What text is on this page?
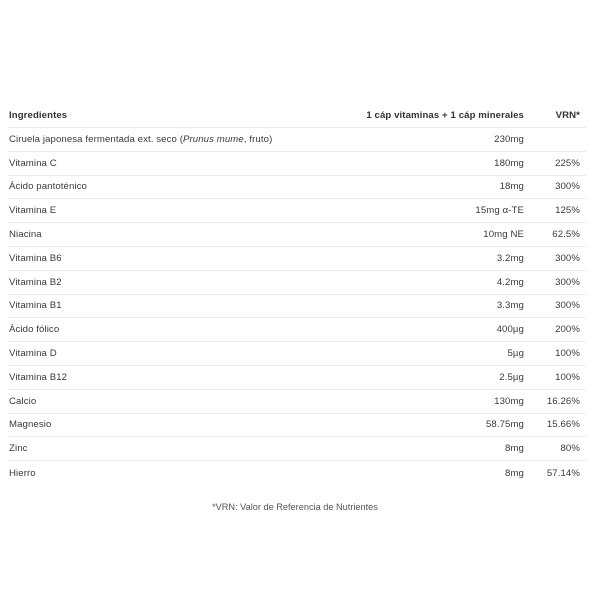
Ingredientes	1 cáp vitaminas + 1 cáp minerales	VRN*
Ciruela japonesa fermentada ext. seco (Prunus mume, fruto)	230mg
Vitamina C	180mg	225%
Ácido pantoténico	18mg	300%
Vitamina E	15mg α-TE	125%
Niacina	10mg NE	62.5%
Vitamina B6	3.2mg	300%
Vitamina B2	4.2mg	300%
Vitamina B1	3.3mg	300%
Ácido fólico	400µg	200%
Vitamina D	5µg	100%
Vitamina B12	2.5µg	100%
Calcio	130mg	16.26%
Magnesio	58.75mg	15.66%
Zinc	8mg	80%
Hierro	8mg	57.14%
*VRN: Valor de Referencia de Nutrientes
